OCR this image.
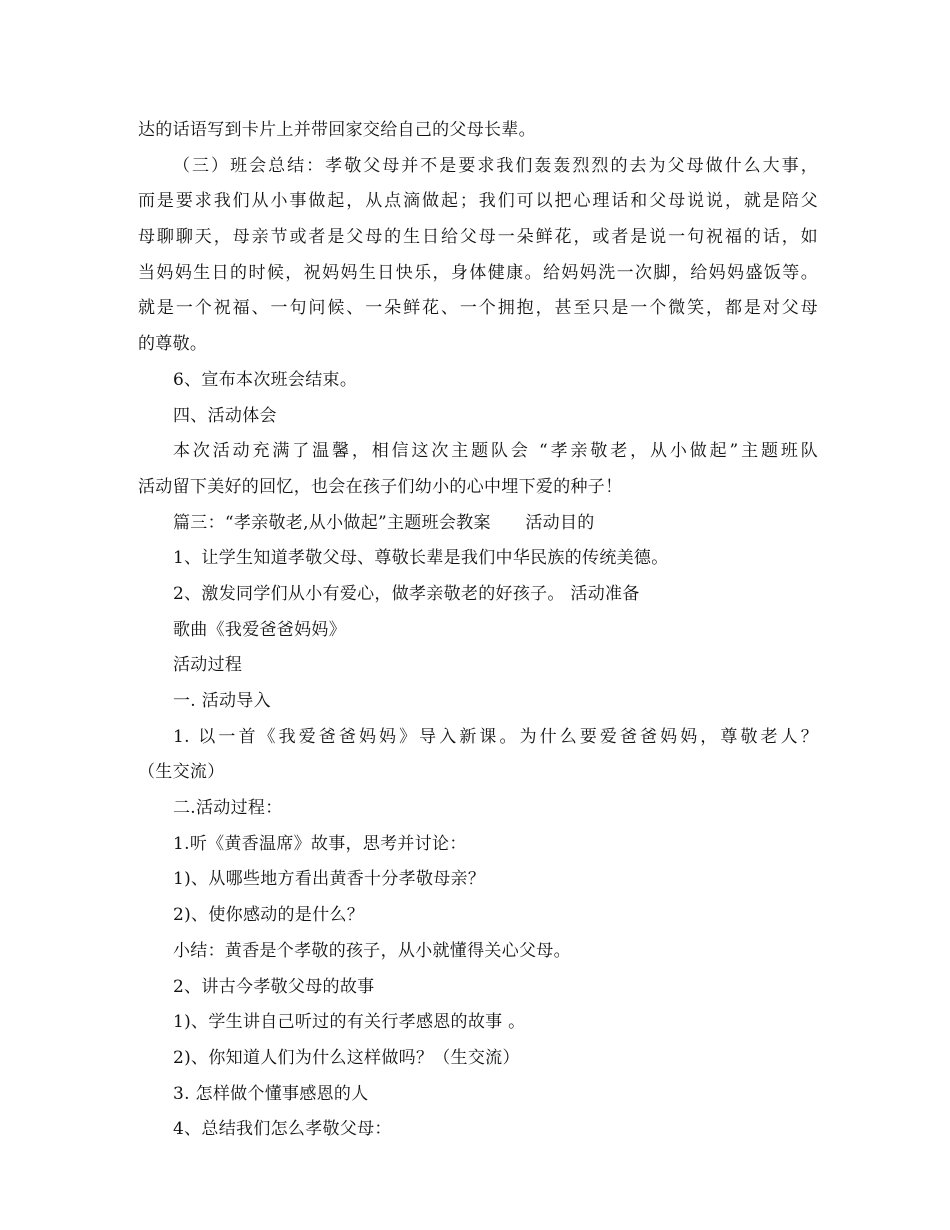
达的话语写到卡片上并带回家交给自己的父母长辈。
（三）班会总结：孝敬父母并不是要求我们轰轰烈烈的去为父母做什么大事，
而是要求我们从小事做起，从点滴做起；我们可以把心理话和父母说说，就是陪父
母聊聊天，母亲节或者是父母的生日给父母一朵鲜花，或者是说一句祝福的话，如
当妈妈生日的时候，祝妈妈生日快乐，身体健康。给妈妈洗一次脚，给妈妈盛饭等。
就是一个祝福、一句问候、一朵鲜花、一个拥抱，甚至只是一个微笑，都是对父母
的尊敬。
6、宣布本次班会结束。
四、活动体会
本次活动充满了温馨，相信这次主题队会 “孝亲敬老，从小做起”主题班队
活动留下美好的回忆，也会在孩子们幼小的心中埋下爱的种子！
篇三：“孝亲敬老,从小做起”主题班会教案　　活动目的
1、让学生知道孝敬父母、尊敬长辈是我们中华民族的传统美德。
2、激发同学们从小有爱心，做孝亲敬老的好孩子。 活动准备
歌曲《我爱爸爸妈妈》
活动过程
一. 活动导入
1. 以一首《我爱爸爸妈妈》导入新课。为什么要爱爸爸妈妈，尊敬老人？
（生交流）
二.活动过程：
1.听《黄香温席》故事，思考并讨论：
1)、从哪些地方看出黄香十分孝敬母亲？
2)、使你感动的是什么？
小结：黄香是个孝敬的孩子，从小就懂得关心父母。
2、讲古今孝敬父母的故事
1)、学生讲自己听过的有关行孝感恩的故事 。
2)、你知道人们为什么这样做吗？（生交流）
3. 怎样做个懂事感恩的人
4、总结我们怎么孝敬父母：
